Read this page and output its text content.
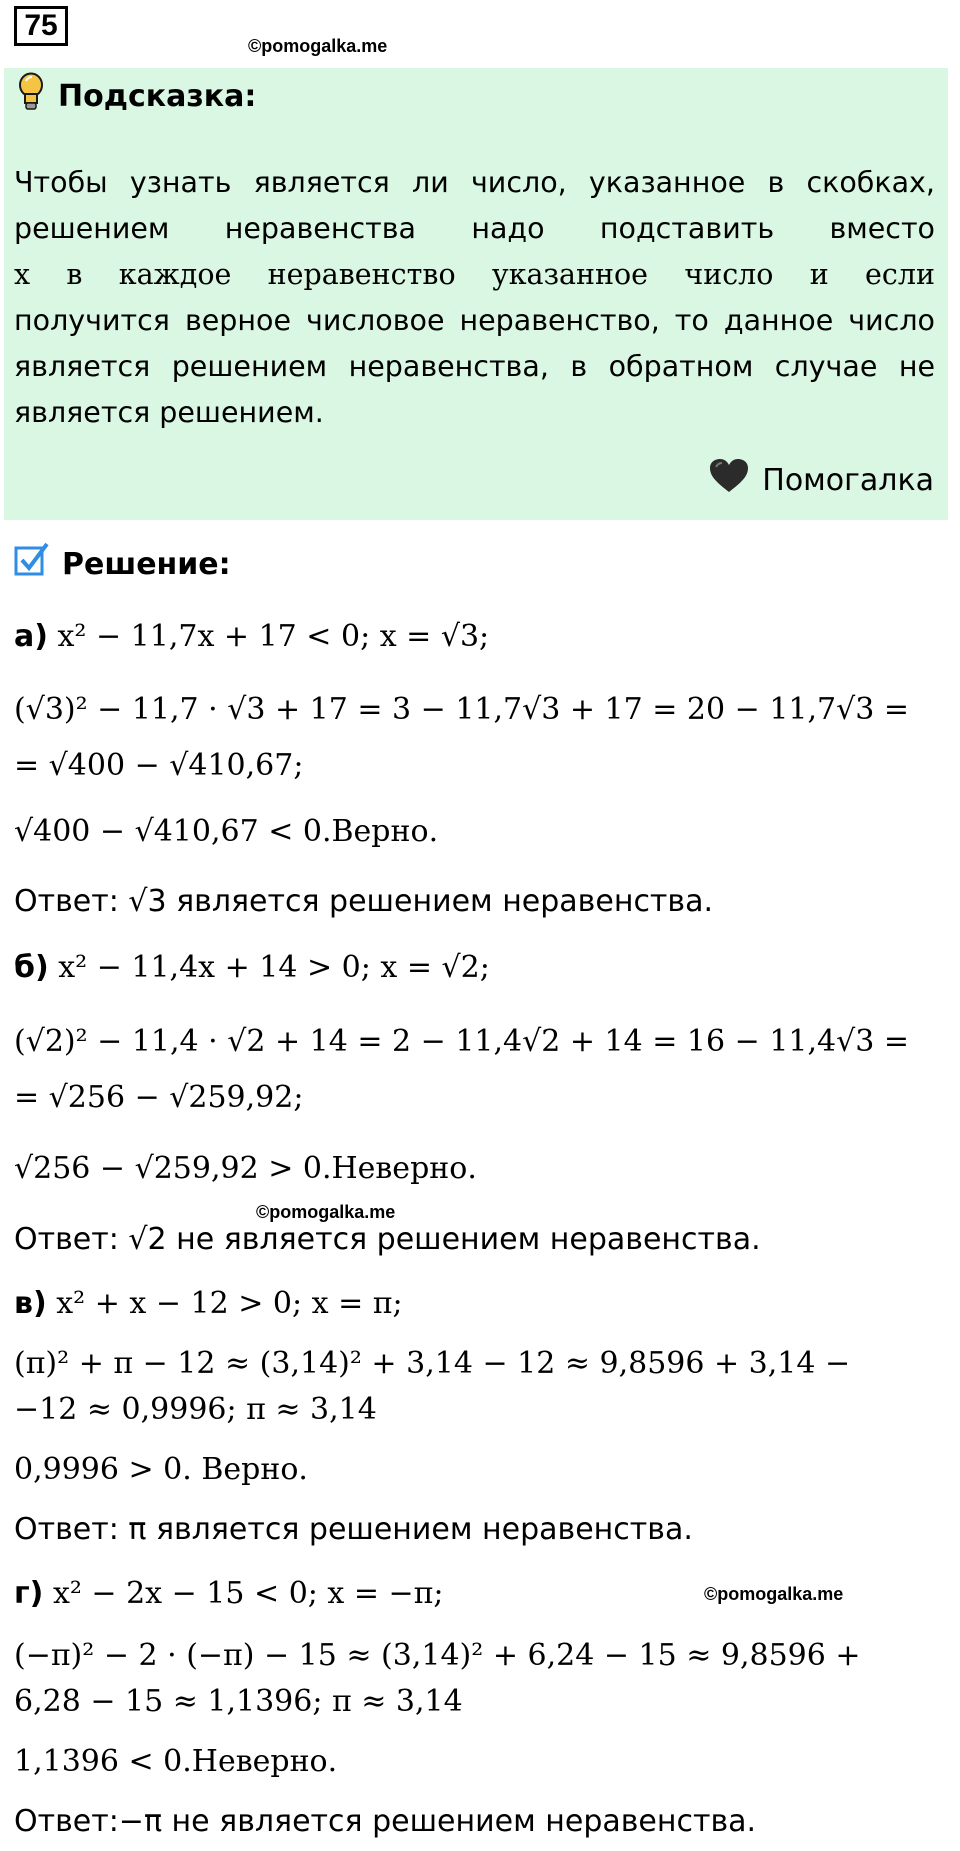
75
©pomogalka.me
Подсказка:
Чтобы узнать является ли число, указанное в скобках,
решением неравенства надо подставить вместо
x в каждое неравенство указанное число и если
получится верное числовое неравенство, то данное число
является решением неравенства, в обратном случае не
является решением.
Помогалка
Решение:
а) x² − 11,7x + 17 < 0; x = √3;
(√3)² − 11,7 · √3 + 17 = 3 − 11,7√3 + 17 = 20 − 11,7√3 =
= √400 − √410,67;
√400 − √410,67 < 0.Верно.
Ответ: √3 является решением неравенства.
б) x² − 11,4x + 14 > 0; x = √2;
(√2)² − 11,4 · √2 + 14 = 2 − 11,4√2 + 14 = 16 − 11,4√3 =
= √256 − √259,92;
√256 − √259,92 > 0.Неверно.
©pomogalka.me
Ответ: √2 не является решением неравенства.
в) x² + x − 12 > 0; x = π;
(π)² + π − 12 ≈ (3,14)² + 3,14 − 12 ≈ 9,8596 + 3,14 −
−12 ≈ 0,9996; π ≈ 3,14
0,9996 > 0. Верно.
Ответ: π является решением неравенства.
г) x² − 2x − 15 < 0; x = −π;	©pomogalka.me
(−π)² − 2 · (−π) − 15 ≈ (3,14)² + 6,24 − 15 ≈ 9,8596 +
6,28 − 15 ≈ 1,1396; π ≈ 3,14
1,1396 < 0.Неверно.
Ответ:−π не является решением неравенства.
